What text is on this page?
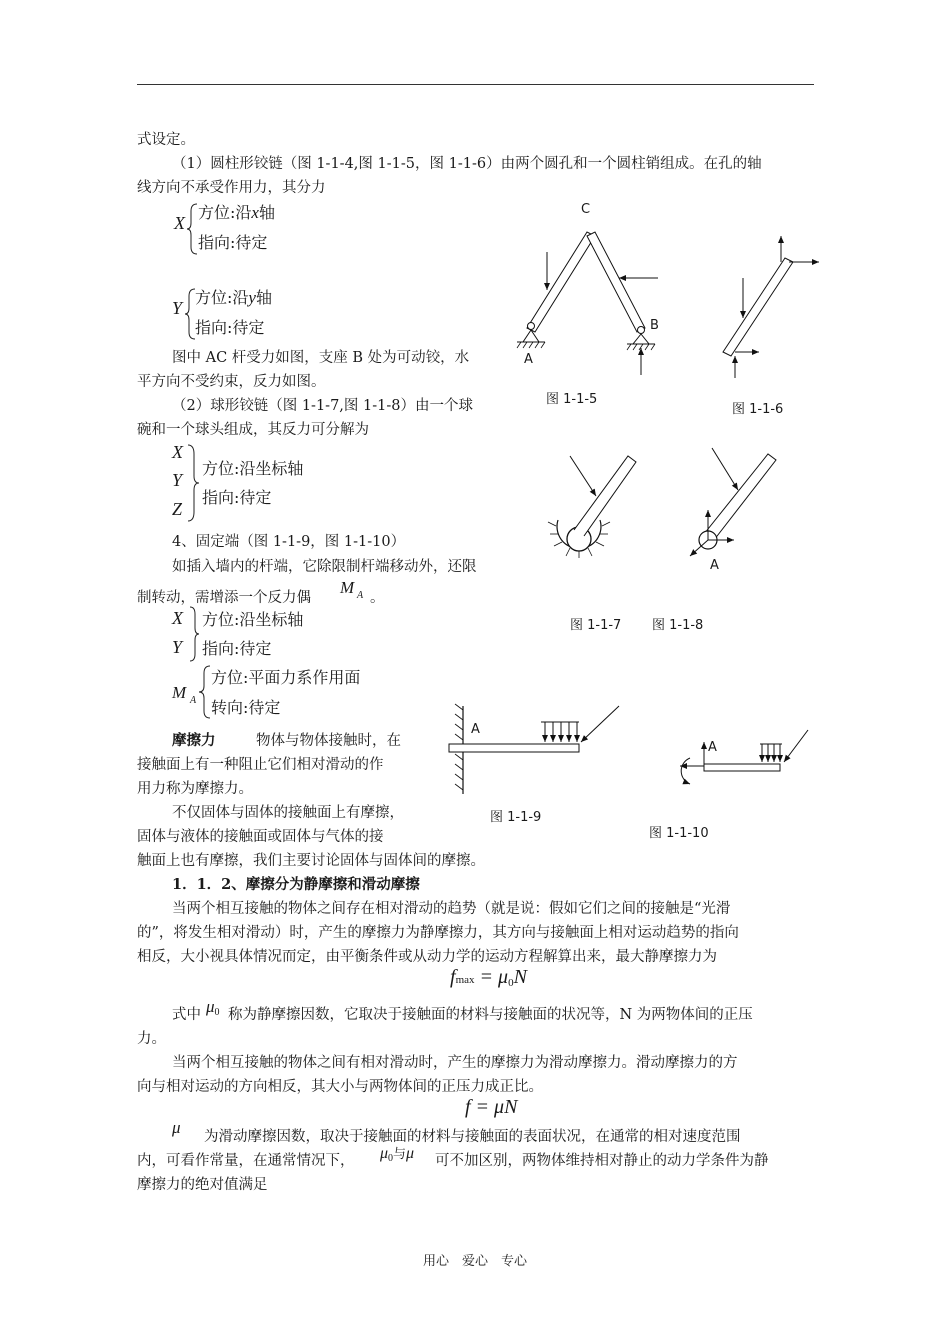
式设定。
（1）圆柱形铰链（图 1-1-4,图 1-1-5，图 1-1-6）由两个圆孔和一个圆柱销组成。在孔的轴
线方向不承受作用力，其分力
X
方位:沿x轴
指向:待定
Y
方位:沿y轴
指向:待定
图中 AC 杆受力如图，支座 B 处为可动铰，水
平方向不受约束，反力如图。
（2）球形铰链（图 1-1-7,图 1-1-8）由一个球
碗和一个球头组成，其反力可分解为
X
Y
Z
方位:沿坐标轴
指向:待定
4、固定端（图 1-1-9，图 1-1-10）
如插入墙内的杆端，它除限制杆端移动外，还限
制转动，需增添一个反力偶
M A 。
X
Y
方位:沿坐标轴
指向:待定
M A
方位:平面力系作用面
转向:待定
摩擦力	物体与物体接触时，在
接触面上有一种阻止它们相对滑动的作
用力称为摩擦力。
不仅固体与固体的接触面上有摩擦，
固体与液体的接触面或固体与气体的接
触面上也有摩擦，我们主要讨论固体与固体间的摩擦。
1．1．2、摩擦分为静摩擦和滑动摩擦
当两个相互接触的物体之间存在相对滑动的趋势（就是说：假如它们之间的接触是“光滑
的”，将发生相对滑动）时，产生的摩擦力为静摩擦力，其方向与接触面上相对运动趋势的指向
相反，大小视具体情况而定，由平衡条件或从动力学的运动方程解算出来，最大静摩擦力为
fmax = μ0N
式中 μ0 称为静摩擦因数，它取决于接触面的材料与接触面的状况等，N 为两物体间的正压
力。
当两个相互接触的物体之间有相对滑动时，产生的摩擦力为滑动摩擦力。滑动摩擦力的方
向与相对运动的方向相反，其大小与两物体间的正压力成正比。
f = μN
μ 为滑动摩擦因数，取决于接触面的材料与接触面的表面状况，在通常的相对速度范围
内，可看作常量，在通常情况下， μ0与μ 可不加区别，两物体维持相对静止的动力学条件为静
摩擦力的绝对值满足
C
A
B
图 1-1-5
图 1-1-6
图 1-1-7
A
图 1-1-8
A
图 1-1-9
A
图 1-1-10
用心　爱心　专心
